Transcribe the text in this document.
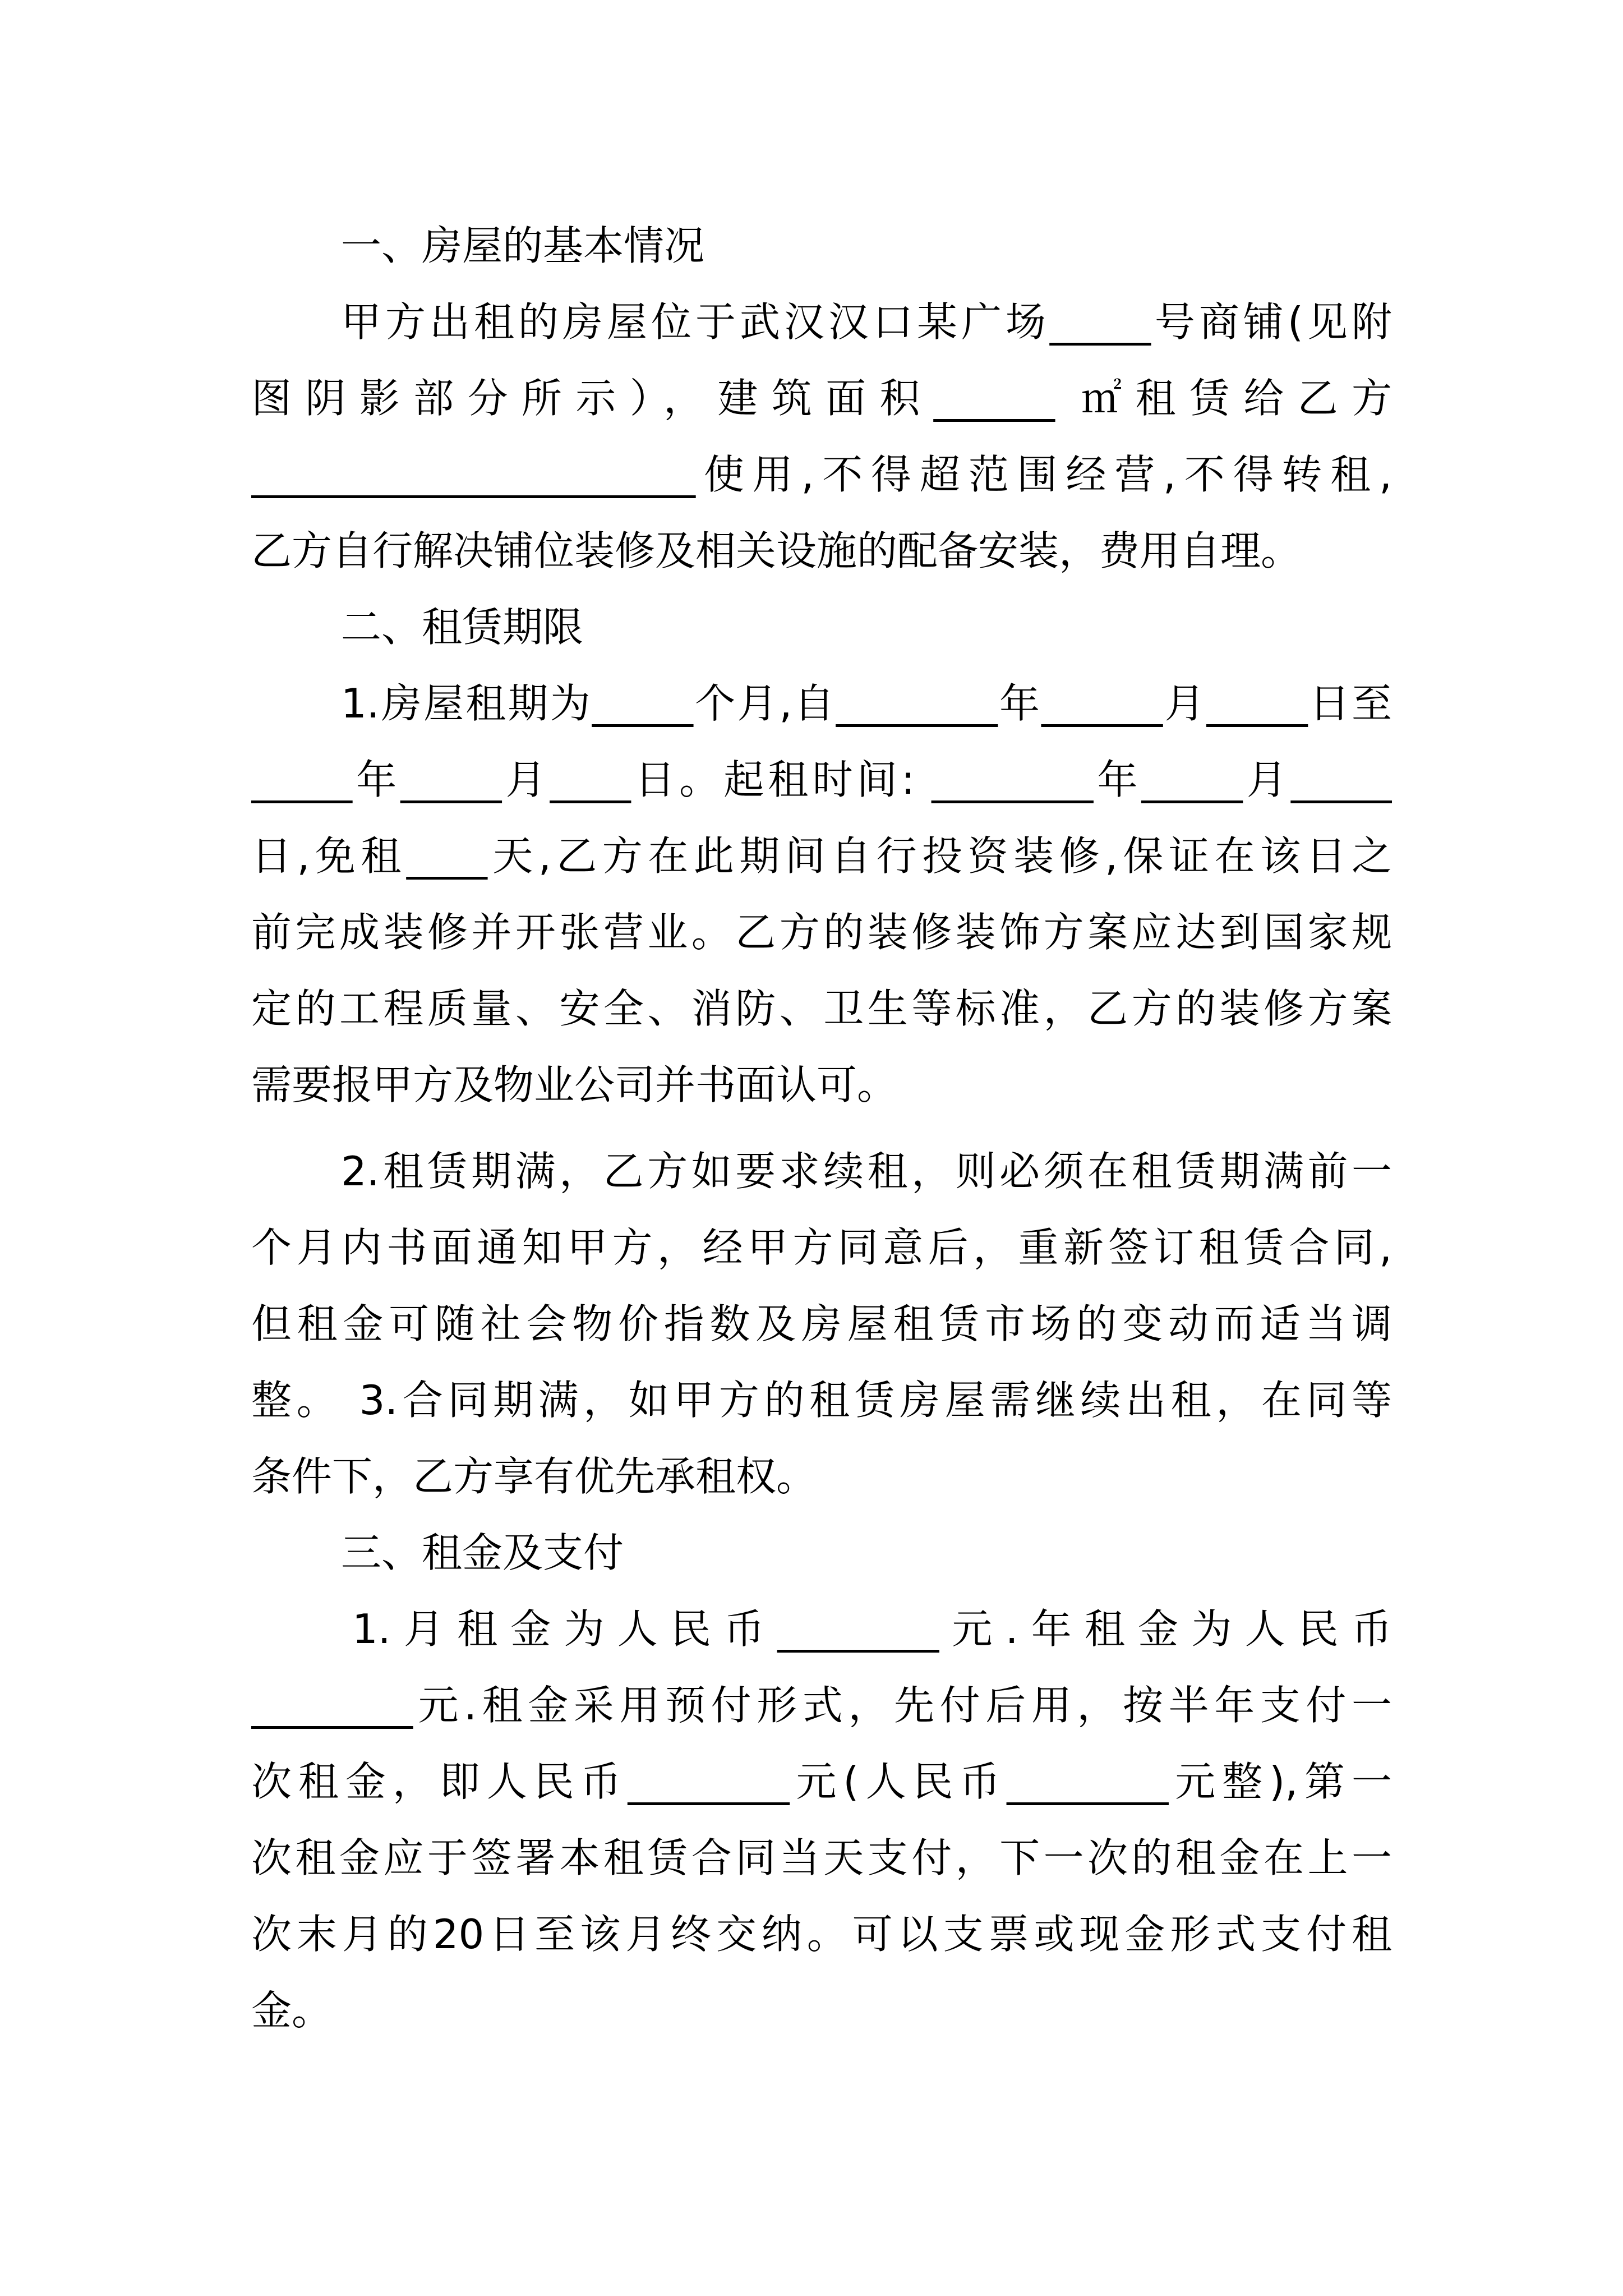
一、房屋的基本情况
甲方出租的房屋位于武汉汉口某广场_____号商铺(见附
图阴影部分所示），建筑面积______ ㎡租赁给乙方
______________________使用,不得超范围经营,不得转租,
乙方自行解决铺位装修及相关设施的配备安装，费用自理。
二、租赁期限
1.房屋租期为_____个月,自________年______月_____日至
_____年_____月____日。起租时间: ________年_____月_____
日,免租____天,乙方在此期间自行投资装修,保证在该日之
前完成装修并开张营业。乙方的装修装饰方案应达到国家规
定的工程质量、安全、消防、卫生等标准，乙方的装修方案
需要报甲方及物业公司并书面认可。
2.租赁期满，乙方如要求续租，则必须在租赁期满前一
个月内书面通知甲方，经甲方同意后，重新签订租赁合同,
但租金可随社会物价指数及房屋租赁市场的变动而适当调
整。 3.合同期满，如甲方的租赁房屋需继续出租，在同等
条件下，乙方享有优先承租权。
三、租金及支付
1.月租金为人民币________元.年租金为人民币
________元.租金采用预付形式，先付后用，按半年支付一
次租金，即人民币________元(人民币________元整),第一
次租金应于签署本租赁合同当天支付，下一次的租金在上一
次末月的20日至该月终交纳。可以支票或现金形式支付租
金。
